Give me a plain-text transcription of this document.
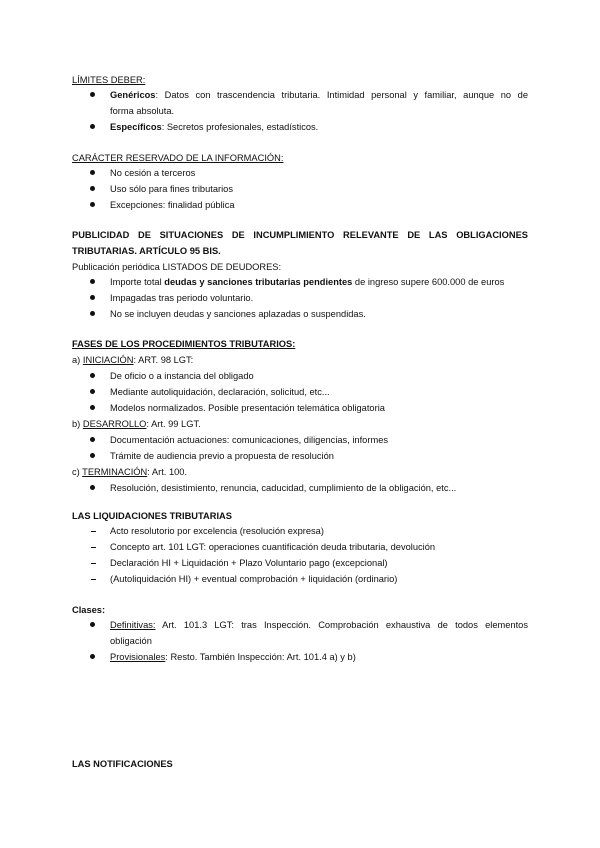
LÍMITES DEBER:
Genéricos: Datos con trascendencia tributaria. Intimidad personal y familiar, aunque no de
forma absoluta.
Específicos: Secretos profesionales, estadísticos.
CARÁCTER RESERVADO DE LA INFORMACIÓN:
No cesión a terceros
Uso sólo para fines tributarios
Excepciones: finalidad pública
PUBLICIDAD DE SITUACIONES DE INCUMPLIMIENTO RELEVANTE DE LAS OBLIGACIONES
TRIBUTARIAS. ARTÍCULO 95 BIS.
Publicación periódica LISTADOS DE DEUDORES:
Importe total deudas y sanciones tributarias pendientes de ingreso supere 600.000 de euros
Impagadas tras periodo voluntario.
No se incluyen deudas y sanciones aplazadas o suspendidas.
FASES DE LOS PROCEDIMIENTOS TRIBUTARIOS:
a) INICIACIÓN: ART. 98 LGT:
De oficio o a instancia del obligado
Mediante autoliquidación, declaración, solicitud, etc...
Modelos normalizados. Posible presentación telemática obligatoria
b) DESARROLLO: Art. 99 LGT.
Documentación actuaciones: comunicaciones, diligencias, informes
Trámite de audiencia previo a propuesta de resolución
c) TERMINACIÓN: Art. 100.
Resolución, desistimiento, renuncia, caducidad, cumplimiento de la obligación, etc...
LAS LIQUIDACIONES TRIBUTARIAS
Acto resolutorio por excelencia (resolución expresa)
Concepto art. 101 LGT: operaciones cuantificación deuda tributaria, devolución
Declaración HI + Liquidación + Plazo Voluntario pago (excepcional)
(Autoliquidación HI) + eventual comprobación + liquidación (ordinario)
Clases:
Definitivas: Art. 101.3 LGT: tras Inspección. Comprobación exhaustiva de todos elementos
obligación
Provisionales: Resto. También Inspección: Art. 101.4 a) y b)
LAS NOTIFICACIONES
